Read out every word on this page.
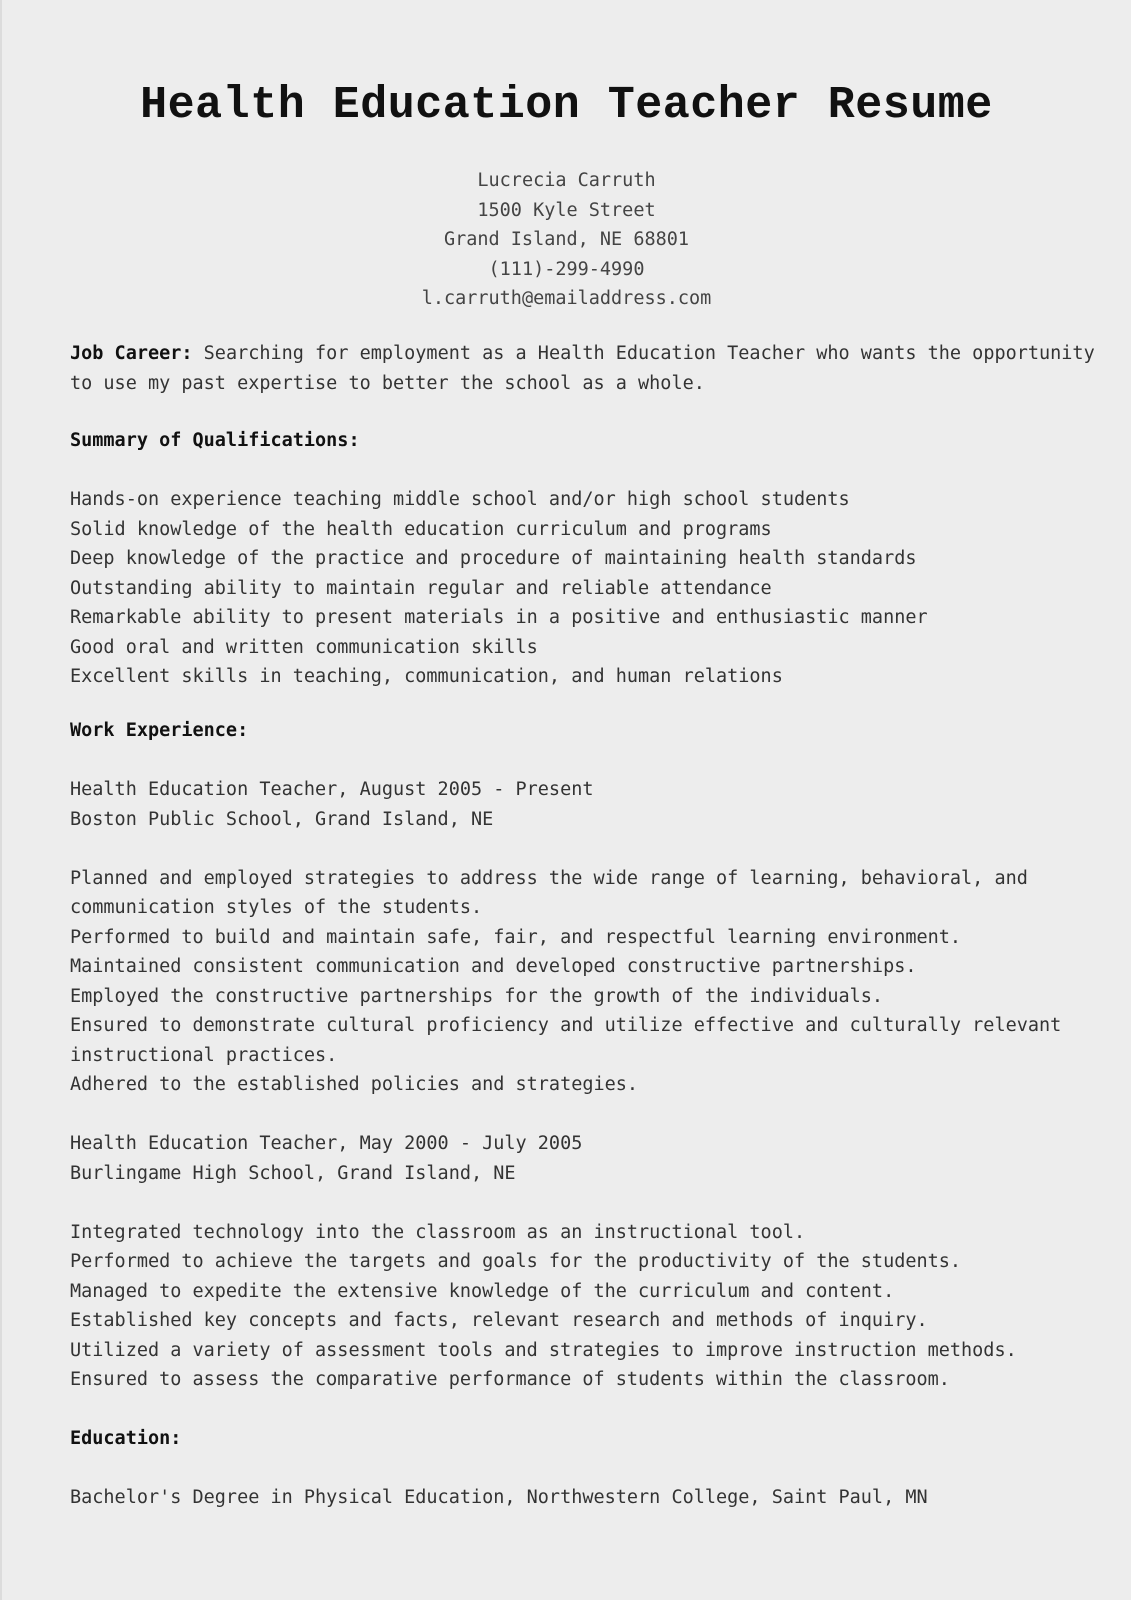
Health Education Teacher Resume
Lucrecia Carruth
1500 Kyle Street
Grand Island, NE 68801
(111)-299-4990
l.carruth@emailaddress.com
Job Career: Searching for employment as a Health Education Teacher who wants the opportunity
to use my past expertise to better the school as a whole.
Summary of Qualifications:

Hands-on experience teaching middle school and/or high school students
Solid knowledge of the health education curriculum and programs
Deep knowledge of the practice and procedure of maintaining health standards
Outstanding ability to maintain regular and reliable attendance
Remarkable ability to present materials in a positive and enthusiastic manner
Good oral and written communication skills
Excellent skills in teaching, communication, and human relations
Work Experience:

Health Education Teacher, August 2005 - Present
Boston Public School, Grand Island, NE

Planned and employed strategies to address the wide range of learning, behavioral, and
communication styles of the students.
Performed to build and maintain safe, fair, and respectful learning environment.
Maintained consistent communication and developed constructive partnerships.
Employed the constructive partnerships for the growth of the individuals.
Ensured to demonstrate cultural proficiency and utilize effective and culturally relevant
instructional practices.
Adhered to the established policies and strategies.

Health Education Teacher, May 2000 - July 2005
Burlingame High School, Grand Island, NE

Integrated technology into the classroom as an instructional tool.
Performed to achieve the targets and goals for the productivity of the students.
Managed to expedite the extensive knowledge of the curriculum and content.
Established key concepts and facts, relevant research and methods of inquiry.
Utilized a variety of assessment tools and strategies to improve instruction methods.
Ensured to assess the comparative performance of students within the classroom.

Education:

Bachelor's Degree in Physical Education, Northwestern College, Saint Paul, MN
